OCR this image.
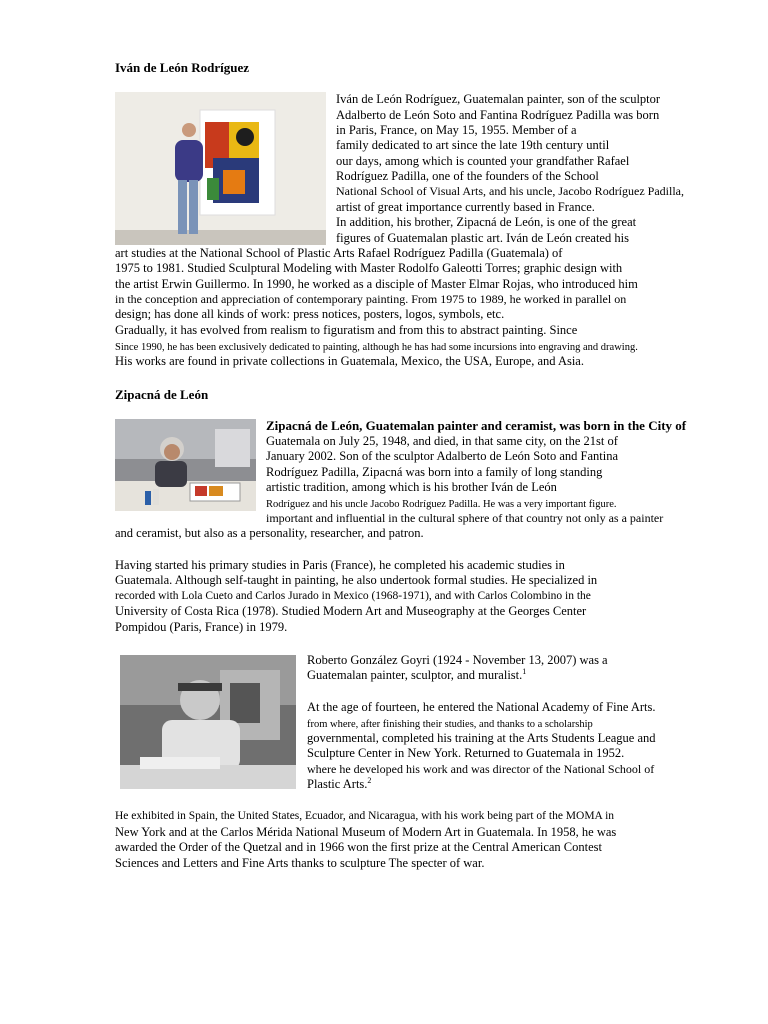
Iván de León Rodríguez
Iván de León Rodríguez, Guatemalan painter, son of the sculptor
Adalberto de León Soto and Fantina Rodríguez Padilla was born
in Paris, France, on May 15, 1955. Member of a
family dedicated to art since the late 19th century until
our days, among which is counted your grandfather Rafael
Rodríguez Padilla, one of the founders of the School
National School of Visual Arts, and his uncle, Jacobo Rodríguez Padilla,
artist of great importance currently based in France.
In addition, his brother, Zipacná de León, is one of the great
figures of Guatemalan plastic art. Iván de León created his
art studies at the National School of Plastic Arts Rafael Rodríguez Padilla (Guatemala) of
1975 to 1981. Studied Sculptural Modeling with Master Rodolfo Galeotti Torres; graphic design with
the artist Erwin Guillermo. In 1990, he worked as a disciple of Master Elmar Rojas, who introduced him
in the conception and appreciation of contemporary painting. From 1975 to 1989, he worked in parallel on
design; has done all kinds of work: press notices, posters, logos, symbols, etc.
Gradually, it has evolved from realism to figuratism and from this to abstract painting. Since
Since 1990, he has been exclusively dedicated to painting, although he has had some incursions into engraving and drawing.
His works are found in private collections in Guatemala, Mexico, the USA, Europe, and Asia.
Zipacná de León
Zipacná de León, Guatemalan painter and ceramist, was born in the City of
Guatemala on July 25, 1948, and died, in that same city, on the 21st of
January 2002. Son of the sculptor Adalberto de León Soto and Fantina
Rodríguez Padilla, Zipacná was born into a family of long standing
artistic tradition, among which is his brother Iván de León
Rodríguez and his uncle Jacobo Rodríguez Padilla. He was a very important figure.
important and influential in the cultural sphere of that country not only as a painter
and ceramist, but also as a personality, researcher, and patron.
Having started his primary studies in Paris (France), he completed his academic studies in
Guatemala. Although self-taught in painting, he also undertook formal studies. He specialized in
recorded with Lola Cueto and Carlos Jurado in Mexico (1968-1971), and with Carlos Colombino in the
University of Costa Rica (1978). Studied Modern Art and Museography at the Georges Center
Pompidou (Paris, France) in 1979.
Roberto González Goyri (1924 - November 13, 2007) was a
Guatemalan painter, sculptor, and muralist.$^1$
At the age of fourteen, he entered the National Academy of Fine Arts.
from where, after finishing their studies, and thanks to a scholarship
governmental, completed his training at the Arts Students League and
Sculpture Center in New York. Returned to Guatemala in 1952.
where he developed his work and was director of the National School of
Plastic Arts.$^2$
He exhibited in Spain, the United States, Ecuador, and Nicaragua, with his work being part of the MOMA in
New York and at the Carlos Mérida National Museum of Modern Art in Guatemala. In 1958, he was
awarded the Order of the Quetzal and in 1966 won the first prize at the Central American Contest
Sciences and Letters and Fine Arts thanks to sculpture The specter of war.
